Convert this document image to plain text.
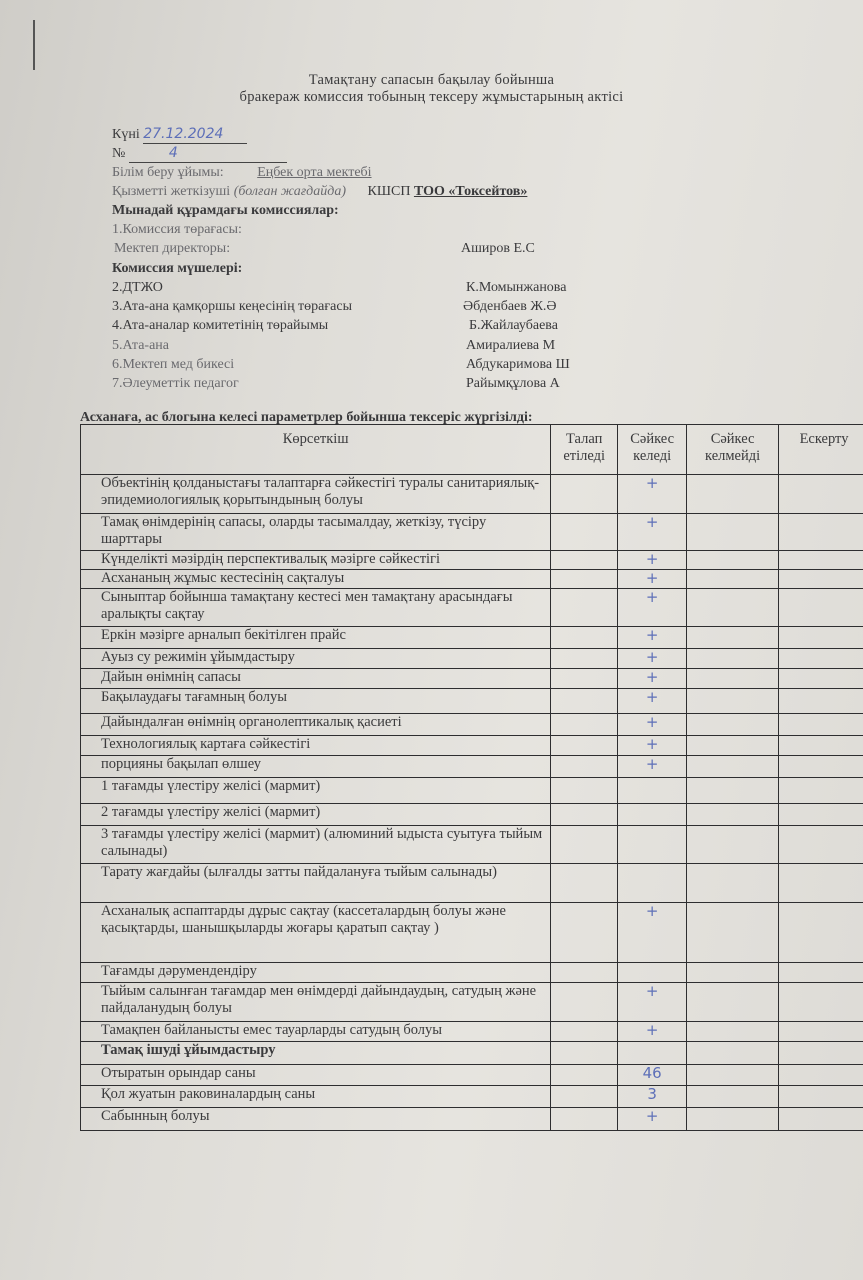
Тамақтану сапасын бақылау бойынша
бракераж комиссия тобының тексеру жұмыстарының актісі
Күні 27.12.2024
№	4
Білім беру ұйымы: Еңбек орта мектебі
Қызметті жеткізуші (болған жағдайда) КШСП ТОО «Токсейтов»
Мынадай құрамдағы комиссиялар:
1.Комиссия төрағасы:
Мектеп директоры:	Аширов Е.С
Комиссия мүшелері:
2.ДТЖО	К.Момынжанова
3.Ата-ана қамқоршы кеңесінің төрағасы	Әбденбаев Ж.Ә
4.Ата-аналар комитетінің төрайымы	Б.Жайлаубаева
5.Ата-ана	Амиралиева М
6.Мектеп мед бикесі	Абдукаримова Ш
7.Әлеуметтік педагог	Райымқұлова А
Асханаға, ас блогына келесі параметрлер бойынша тексеріс жүргізілді:
Көрсеткіш	Талап етіледі	Сәйкес келеді	Сәйкес келмейді	Ескерту

Объектінің қолданыстағы талаптарға сәйкестігі туралы санитариялық-эпидемиологиялық қорытындының болуы		+		
Тамақ өнімдерінің сапасы, оларды тасымалдау, жеткізу, түсіру шарттары		+		
Күнделікті мәзірдің перспективалық мәзірге сәйкестігі		+		
Асхананың жұмыс кестесінің сақталуы		+		
Сыныптар бойынша тамақтану кестесі мен тамақтану арасындағы аралықты сақтау		+		
Еркін мәзірге арналып бекітілген прайс		+		
Ауыз су режимін ұйымдастыру		+		
Дайын өнімнің сапасы		+		
Бақылаудағы тағамның болуы		+		
Дайындалған өнімнің органолептикалық қасиеті		+		
Технологиялық картаға сәйкестігі		+		
порцияны бақылап өлшеу		+		
1 тағамды үлестіру желісі (мармит)				
2 тағамды үлестіру желісі (мармит)				
3 тағамды үлестіру желісі (мармит) (алюминий ыдыста суытуға тыйым салынады)				
Тарату жағдайы (ылғалды затты пайдалануға тыйым салынады)				
Асханалық аспаптарды дұрыс сақтау (кассеталардың болуы және қасықтарды, шанышқыларды жоғары қаратып сақтау )		+		
Тағамды дәрумендендіру				
Тыйым салынған тағамдар мен өнімдерді дайындаудың, сатудың және пайдаланудың болуы		+		
Тамақпен байланысты емес тауарларды сатудың болуы		+		
Тамақ ішуді ұйымдастыру				
Отыратын орындар саны		46		
Қол жуатын раковиналардың саны		3		
Сабынның болуы		+		
